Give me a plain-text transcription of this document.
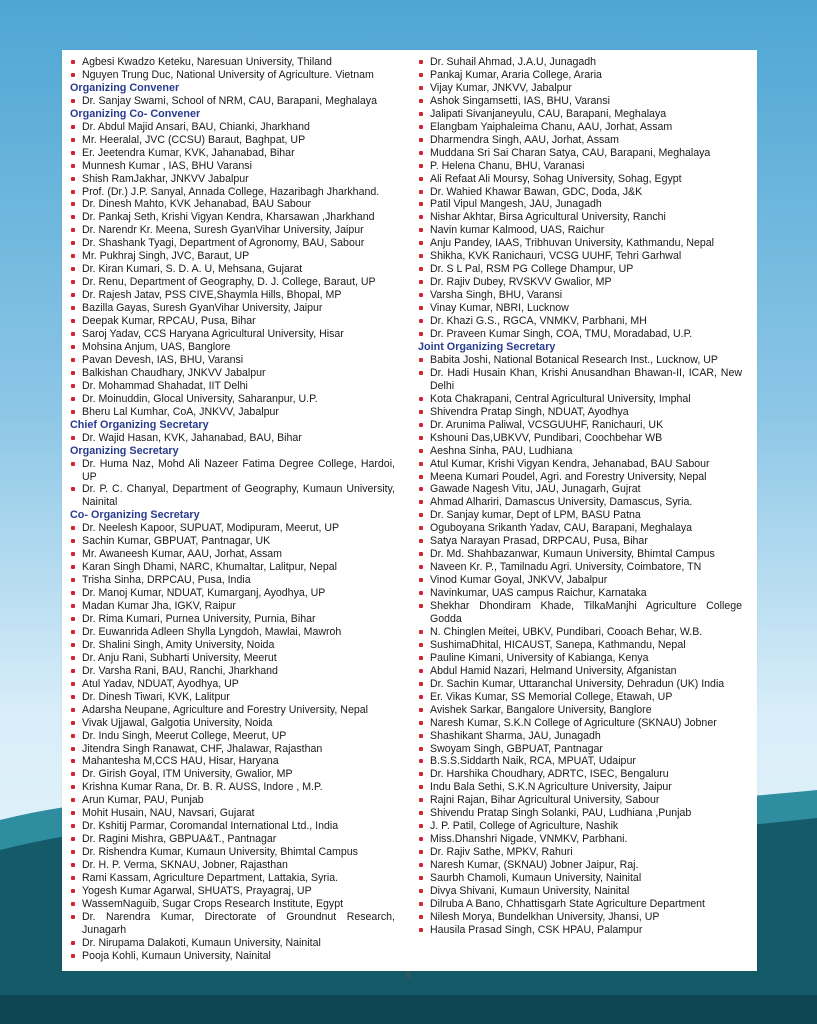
Agbesi Kwadzo Keteku, Naresuan University, Thiland
Nguyen Trung Duc, National University of Agriculture. Vietnam
Organizing Convener
Dr. Sanjay Swami, School of NRM, CAU, Barapani, Meghalaya
Organizing Co- Convener
Dr. Abdul Majid Ansari, BAU, Chianki, Jharkhand
Mr. Heeralal, JVC (CCSU) Baraut, Baghpat, UP
Er. Jeetendra Kumar, KVK, Jahanabad, Bihar
Munnesh Kumar , IAS, BHU Varansi
Shish RamJakhar, JNKVV Jabalpur
Prof. (Dr.) J.P. Sanyal, Annada College, Hazaribagh Jharkhand.
Dr. Dinesh Mahto, KVK Jehanabad, BAU Sabour
Dr. Pankaj Seth, Krishi Vigyan Kendra, Kharsawan ,Jharkhand
Dr. Narendr Kr. Meena, Suresh GyanVihar University, Jaipur
Dr. Shashank Tyagi, Department of Agronomy, BAU, Sabour
Mr. Pukhraj Singh, JVC, Baraut, UP
Dr. Kiran Kumari, S. D. A. U, Mehsana, Gujarat
Dr. Renu, Department of Geography, D. J. College, Baraut, UP
Dr. Rajesh Jatav, PSS CIVE,Shaymla Hills, Bhopal, MP
Bazilla Gayas, Suresh GyanVihar University, Jaipur
Deepak Kumar, RPCAU, Pusa, Bihar
Saroj Yadav, CCS Haryana Agricultural University, Hisar
Mohsina Anjum, UAS, Banglore
Pavan Devesh, IAS, BHU, Varansi
Balkishan Chaudhary, JNKVV Jabalpur
Dr. Mohammad Shahadat, IIT Delhi
Dr. Moinuddin, Glocal University, Saharanpur, U.P.
Bheru Lal Kumhar, CoA, JNKVV, Jabalpur
Chief Organizing Secretary
Dr. Wajid Hasan, KVK, Jahanabad, BAU, Bihar
Organizing Secretary
Dr. Huma Naz, Mohd Ali Nazeer Fatima Degree College, Hardoi, UP
Dr. P. C. Chanyal, Department of Geography, Kumaun University, Nainital
Co- Organizing Secretary
Dr. Neelesh Kapoor, SUPUAT, Modipuram, Meerut, UP
Sachin Kumar, GBPUAT, Pantnagar, UK
Mr. Awaneesh Kumar, AAU, Jorhat, Assam
Karan Singh Dhami, NARC, Khumaltar, Lalitpur, Nepal
Trisha Sinha, DRPCAU, Pusa, India
Dr. Manoj Kumar, NDUAT, Kumarganj, Ayodhya, UP
Madan Kumar Jha, IGKV, Raipur
Dr. Rima Kumari, Purnea University, Purnia, Bihar
Dr. Euwanrida Adleen Shylla Lyngdoh, Mawlai, Mawroh
Dr. Shalini Singh, Amity University, Noida
Dr. Anju Rani, Subharti University, Meerut
Dr. Varsha Rani, BAU, Ranchi, Jharkhand
Atul Yadav, NDUAT, Ayodhya, UP
Dr. Dinesh Tiwari, KVK, Lalitpur
Adarsha Neupane, Agriculture and Forestry University, Nepal
Vivak Ujjawal, Galgotia University, Noida
Dr. Indu Singh, Meerut College, Meerut, UP
Jitendra Singh Ranawat, CHF, Jhalawar, Rajasthan
Mahantesha M,CCS HAU, Hisar, Haryana
Dr. Girish Goyal, ITM University, Gwalior, MP
Krishna Kumar Rana, Dr. B. R. AUSS, Indore , M.P.
Arun Kumar, PAU, Punjab
Mohit Husain, NAU, Navsari, Gujarat
Dr. Kshitij Parmar, Coromandal International Ltd., India
Dr. Ragini Mishra, GBPUA&T., Pantnagar
Dr. Rishendra Kumar, Kumaun University, Bhimtal Campus
Dr. H. P. Verma, SKNAU, Jobner, Rajasthan
Rami Kassam, Agriculture Department, Lattakia, Syria.
Yogesh Kumar Agarwal, SHUATS, Prayagraj, UP
WassemNaguib, Sugar Crops Research Institute, Egypt
Dr. Narendra Kumar, Directorate of Groundnut Research, Junagarh
Dr. Nirupama Dalakoti, Kumaun University, Nainital
Pooja Kohli, Kumaun University, Nainital
Dr. Suhail Ahmad, J.A.U, Junagadh
Pankaj Kumar, Araria College, Araria
Vijay Kumar, JNKVV, Jabalpur
Ashok Singamsetti, IAS, BHU, Varansi
Jalipati Sivanjaneyulu, CAU, Barapani, Meghalaya
Elangbam Yaiphaleima Chanu, AAU, Jorhat, Assam
Dharmendra Singh, AAU, Jorhat, Assam
Muddana Sri Sai Charan Satya, CAU, Barapani, Meghalaya
P. Helena Chanu, BHU, Varanasi
Ali Refaat Ali Moursy, Sohag University, Sohag, Egypt
Dr. Wahied Khawar Bawan, GDC, Doda, J&K
Patil Vipul Mangesh, JAU, Junagadh
Nishar Akhtar, Birsa Agricultural University, Ranchi
Navin kumar Kalmood, UAS, Raichur
Anju Pandey, IAAS, Tribhuvan University, Kathmandu, Nepal
Shikha, KVK Ranichauri, VCSG UUHF, Tehri Garhwal
Dr. S L Pal, RSM PG College Dhampur, UP
Dr. Rajiv Dubey, RVSKVV Gwalior, MP
Varsha Singh, BHU, Varansi
Vinay Kumar, NBRI, Lucknow
Dr. Khazi G.S., RGCA, VNMKV, Parbhani, MH
Dr. Praveen Kumar Singh, COA, TMU, Moradabad, U.P.
Joint Organizing Secretary
Babita Joshi, National Botanical Research Inst., Lucknow, UP
Dr. Hadi Husain Khan, Krishi Anusandhan Bhawan-II, ICAR, New Delhi
Kota Chakrapani, Central Agricultural University, Imphal
Shivendra Pratap Singh, NDUAT, Ayodhya
Dr. Arunima Paliwal, VCSGUUHF, Ranichauri, UK
Kshouni Das,UBKVV, Pundibari, Coochbehar WB
Aeshna Sinha, PAU, Ludhiana
Atul Kumar, Krishi Vigyan Kendra, Jehanabad, BAU Sabour
Meena Kumari Poudel, Agri. and Forestry University, Nepal
Gawade Nagesh Vitu, JAU, Junagarh, Gujrat
Ahmad Alhariri, Damascus University, Damascus, Syria.
Dr. Sanjay kumar, Dept of LPM, BASU Patna
Oguboyana Srikanth Yadav, CAU, Barapani, Meghalaya
Satya Narayan Prasad, DRPCAU, Pusa, Bihar
Dr. Md. Shahbazanwar, Kumaun University, Bhimtal Campus
Naveen Kr. P., Tamilnadu Agri. University, Coimbatore, TN
Vinod Kumar Goyal, JNKVV, Jabalpur
Navinkumar, UAS campus Raichur, Karnataka
Shekhar Dhondiram Khade, TilkaManjhi Agriculture College Godda
N. Chinglen Meitei, UBKV, Pundibari, Cooach Behar, W.B.
SushimaDhital, HICAUST, Sanepa, Kathmandu, Nepal
Pauline Kimani, University of Kabianga, Kenya
Abdul Hamid Nazari, Helmand University, Afganistan
Dr. Sachin Kumar, Uttaranchal University, Dehradun (UK) India
Er. Vikas Kumar, SS Memorial College, Etawah, UP
Avishek Sarkar, Bangalore University, Banglore
Naresh Kumar, S.K.N College of Agriculture (SKNAU) Jobner
Shashikant Sharma, JAU, Junagadh
Swoyam Singh, GBPUAT, Pantnagar
B.S.S.Siddarth Naik, RCA, MPUAT, Udaipur
Dr. Harshika Choudhary, ADRTC, ISEC, Bengaluru
Indu Bala Sethi, S.K.N Agriculture University, Jaipur
Rajni Rajan, Bihar Agricultural University, Sabour
Shivendu Pratap Singh Solanki, PAU, Ludhiana ,Punjab
J. P. Patil, College of Agriculture, Nashik
Miss.Dhanshri Nigade, VNMKV, Parbhani.
Dr. Rajiv Sathe, MPKV, Rahuri
Naresh Kumar, (SKNAU) Jobner Jaipur, Raj.
Saurbh Chamoli, Kumaun University, Nainital
Divya Shivani, Kumaun University, Nainital
Dilruba A Bano, Chhattisgarh State Agriculture Department
Nilesh Morya, Bundelkhan University, Jhansi, UP
Hausila Prasad Singh, CSK HPAU, Palampur
8
